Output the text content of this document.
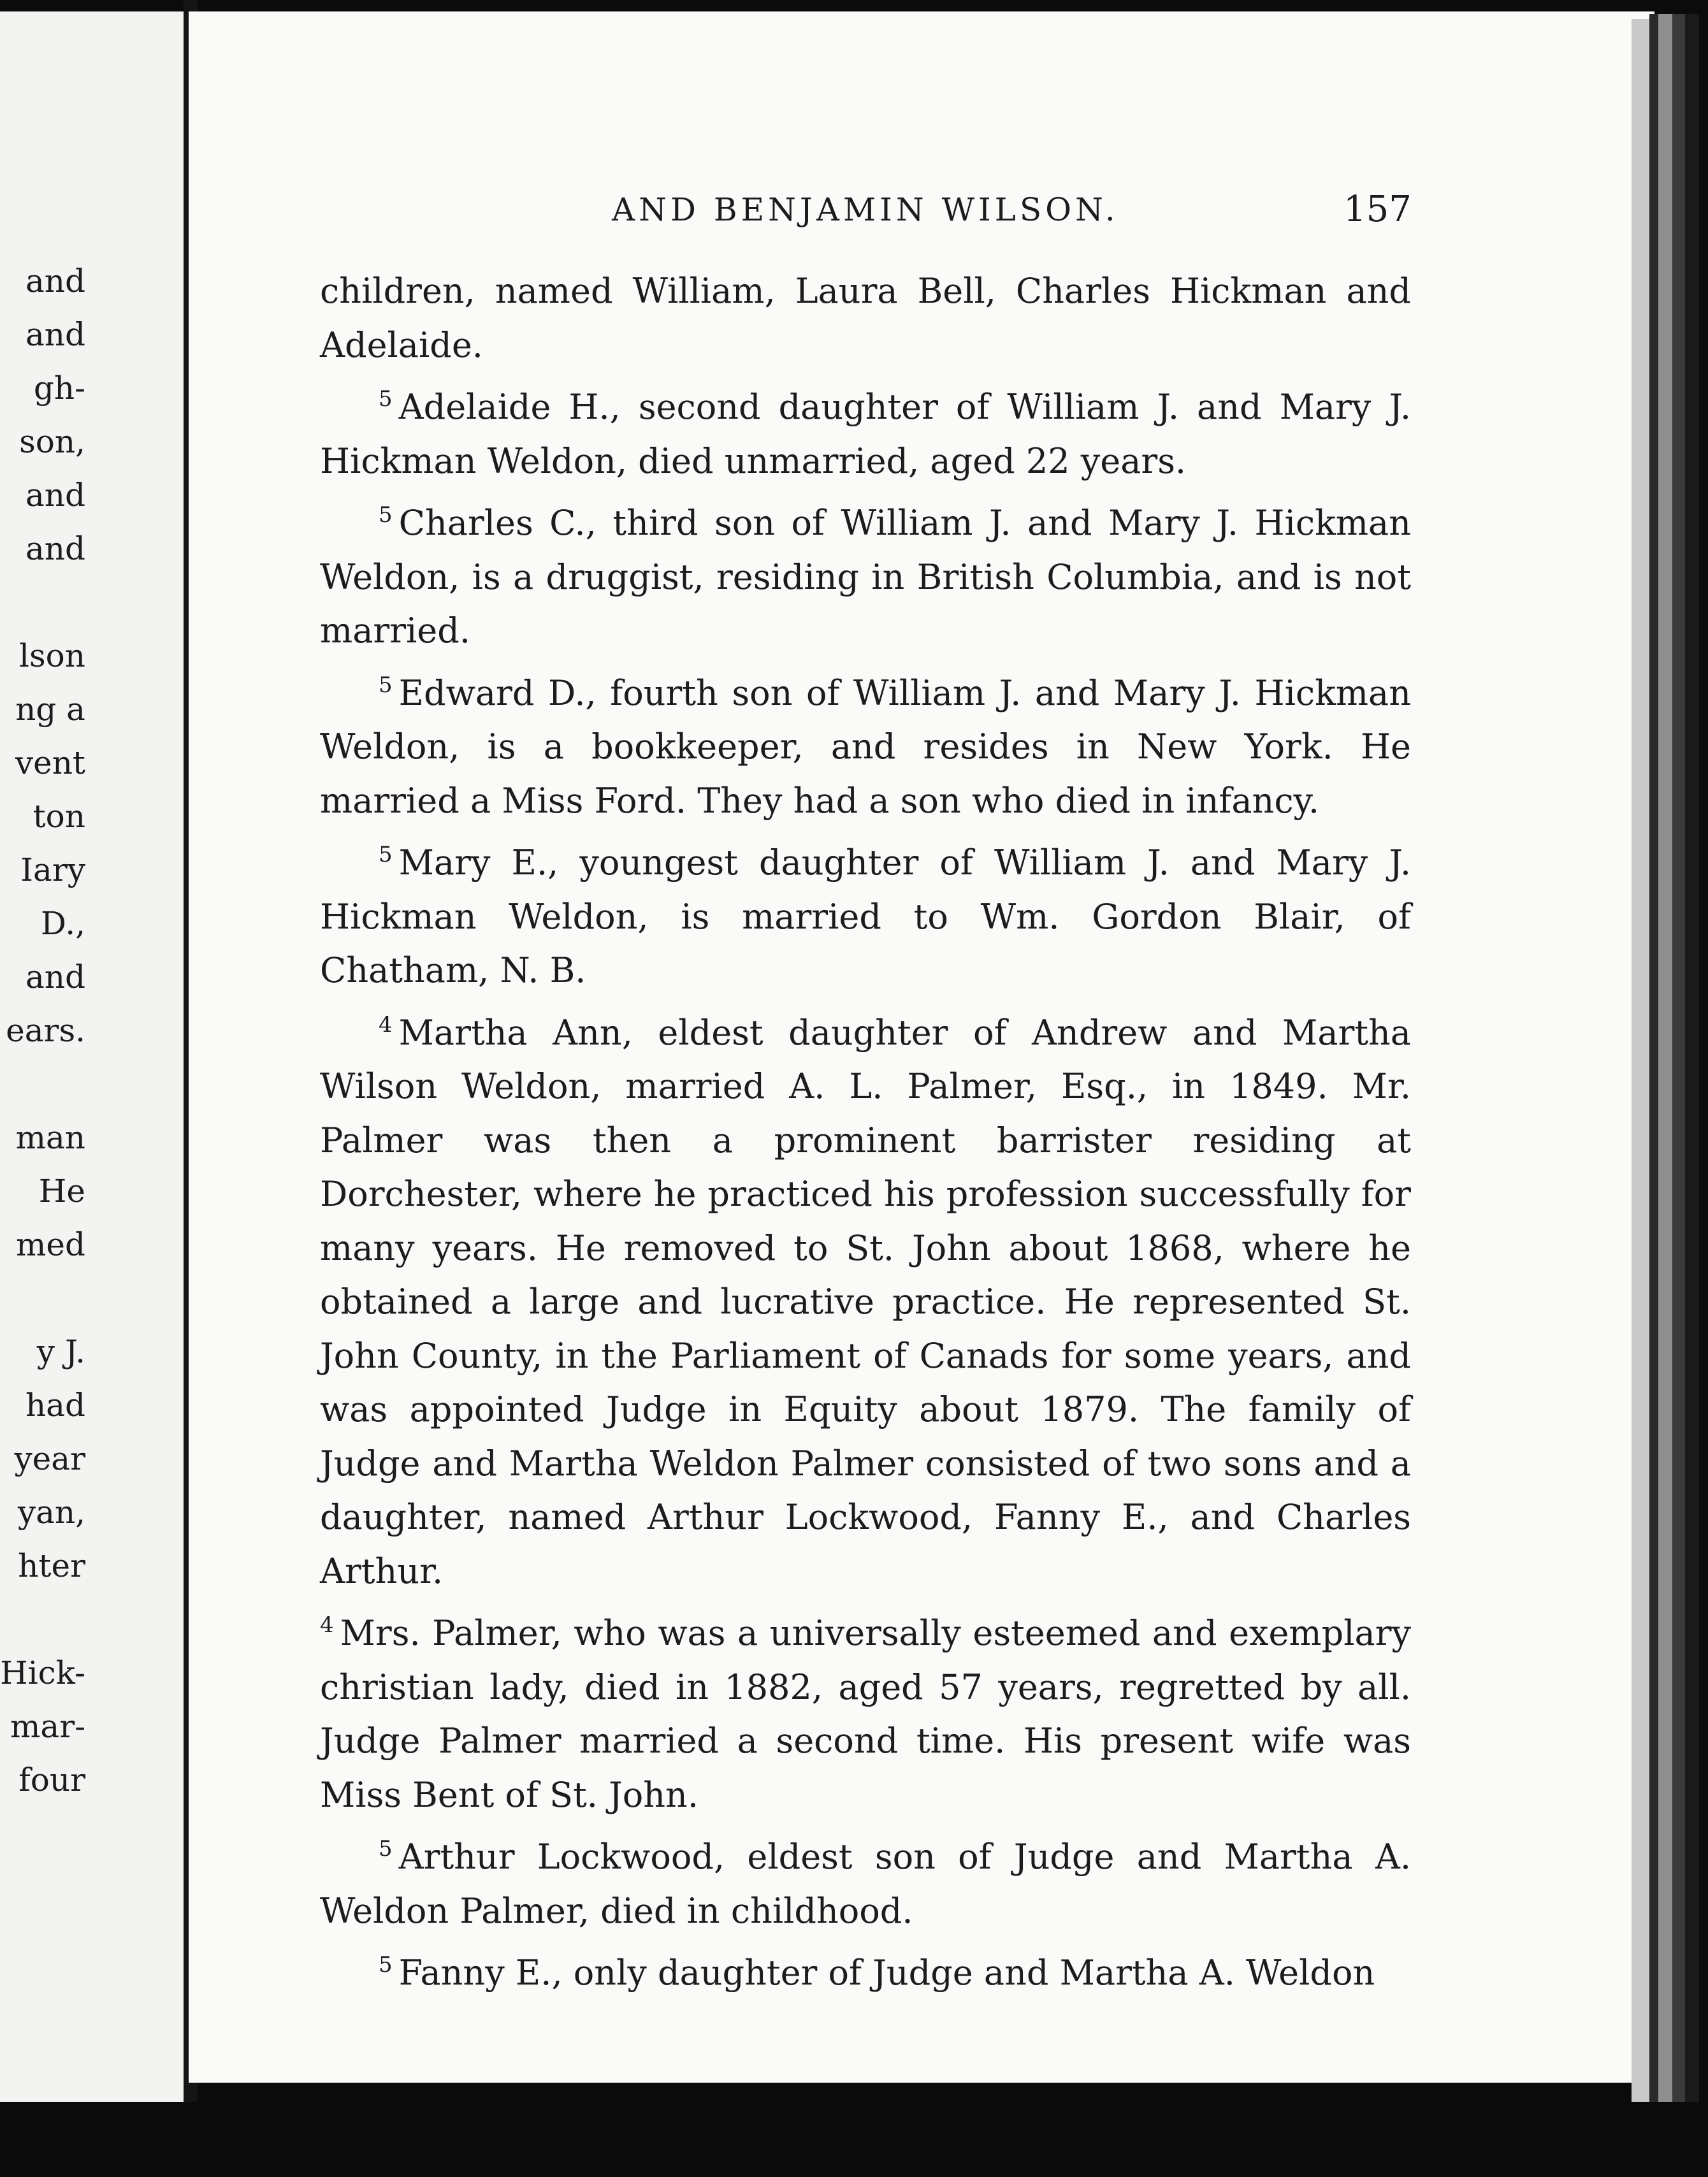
and
and
gh-
son,
and
and
lson
ng a
vent
ton
Iary
D.,
and
ears.
man
He
med
y J.
had
year
yan,
hter
Hick-
mar-
four
AND BENJAMIN WILSON.	157

children, named William, Laura Bell, Charles Hickman and Adelaide.

$^5$ Adelaide H., second daughter of William J. and Mary J. Hickman Weldon, died unmarried, aged 22 years.

$^5$ Charles C., third son of William J. and Mary J. Hickman Weldon, is a druggist, residing in British Columbia, and is not married.

$^5$ Edward D., fourth son of William J. and Mary J. Hickman Weldon, is a bookkeeper, and resides in New York. He married a Miss Ford. They had a son who died in infancy.

$^5$ Mary E., youngest daughter of William J. and Mary J. Hickman Weldon, is married to Wm. Gordon Blair, of Chatham, N. B.

$^4$ Martha Ann, eldest daughter of Andrew and Martha Wilson Weldon, married A. L. Palmer, Esq., in 1849. Mr. Palmer was then a prominent barrister residing at Dorchester, where he practiced his profession successfully for many years. He removed to St. John about 1868, where he obtained a large and lucrative practice. He represented St. John County, in the Parliament of Canads for some years, and was appointed Judge in Equity about 1879. The family of Judge and Martha Weldon Palmer consisted of two sons and a daughter, named Arthur Lockwood, Fanny E., and Charles Arthur.

$^4$ Mrs. Palmer, who was a universally esteemed and exemplary christian lady, died in 1882, aged 57 years, regretted by all. Judge Palmer married a second time. His present wife was Miss Bent of St. John.

$^5$ Arthur Lockwood, eldest son of Judge and Martha A. Weldon Palmer, died in childhood.

$^5$ Fanny E., only daughter of Judge and Martha A. Weldon
